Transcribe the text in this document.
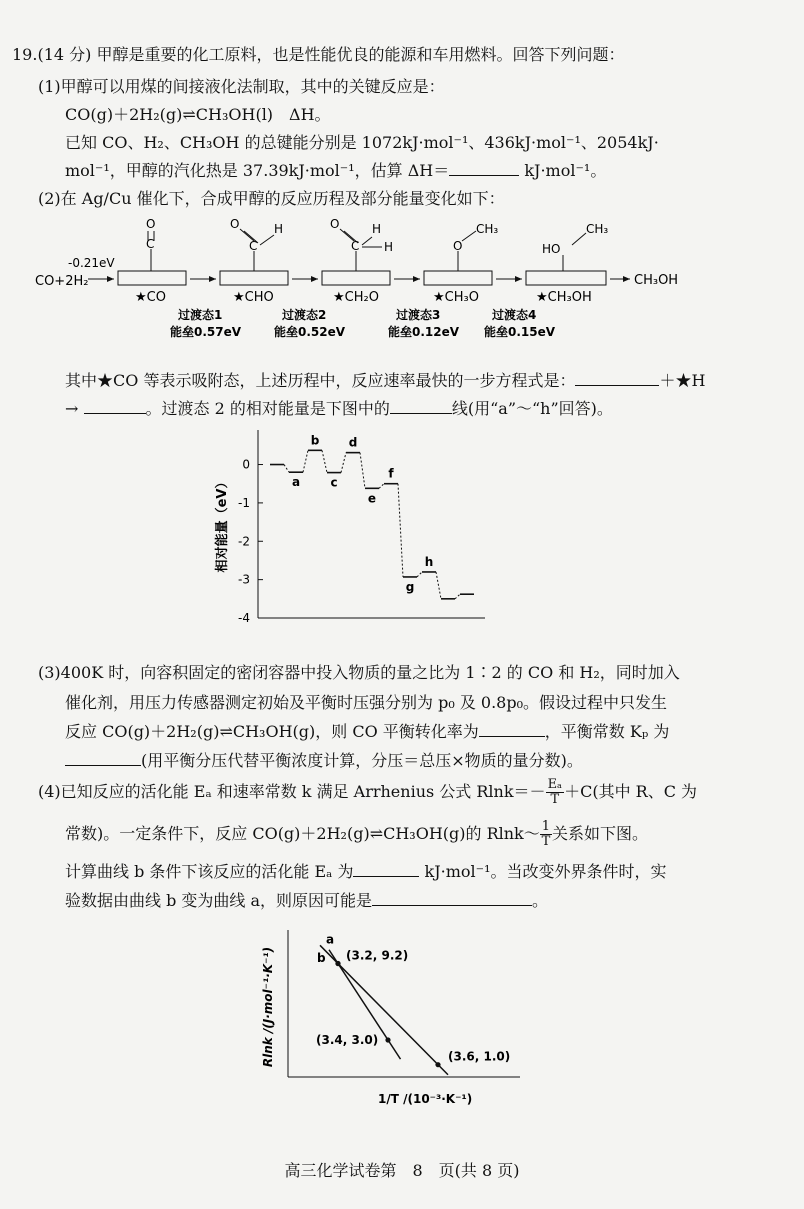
19.(14 分) 甲醇是重要的化工原料，也是性能优良的能源和车用燃料。回答下列问题：
(1)甲醇可以用煤的间接液化法制取，其中的关键反应是：
CO(g)＋2H₂(g)⇌CH₃OH(l)　ΔH。
已知 CO、H₂、CH₃OH 的总键能分别是 1072kJ·mol⁻¹、436kJ·mol⁻¹、2054kJ·
mol⁻¹，甲醇的汽化热是 37.39kJ·mol⁻¹，估算 ΔH＝	kJ·mol⁻¹。
(2)在 Ag/Cu 催化下，合成甲醇的反应历程及部分能量变化如下：
CO+2H₂
-0.21eV
O
C
★CO
O
C
H
★CHO
O
C
H
H
★CH₂O
O
CH₃
★CH₃O
HO
CH₃
★CH₃OH
CH₃OH
过渡态1
能垒0.57eV
过渡态2
能垒0.52eV
过渡态3
能垒0.12eV
过渡态4
能垒0.15eV
其中★CO 等表示吸附态，上述历程中，反应速率最快的一步方程式是：	＋★H
→	。过渡态 2 的相对能量是下图中的	线(用“a”～“h”回答)。
0
-1
-2
-3
-4
相对能量（eV）	a
b
c
d
e
f
g
h
(3)400K 时，向容积固定的密闭容器中投入物质的量之比为 1∶2 的 CO 和 H₂，同时加入
催化剂，用压力传感器测定初始及平衡时压强分别为 p₀ 及 0.8p₀。假设过程中只发生
反应 CO(g)＋2H₂(g)⇌CH₃OH(g)，则 CO 平衡转化率为	，平衡常数 Kₚ 为
(用平衡分压代替平衡浓度计算，分压＝总压×物质的量分数)。
(4)已知反应的活化能 Eₐ 和速率常数 k 满足 Arrhenius 公式 $Rlnk=- \frac{\text{Eₐ}}{T} +C$(其中 R、C 为
常数)。一定条件下，反应 CO(g)＋2H₂(g)⇌CH₃OH(g)的 Rlnk～ $\frac{1}{T}$ 关系如下图。
计算曲线 b 条件下该反应的活化能 Eₐ 为	kJ·mol⁻¹。当改变外界条件时，实
验数据由曲线 b 变为曲线 a，则原因可能是	。
Rlnk /(J·mol⁻¹·K⁻¹)
1/T /(10⁻³·K⁻¹)
a
b (3.2, 9.2)
(3.4, 3.0)
(3.6, 1.0)
高三化学试卷第　8　页(共 8 页)
